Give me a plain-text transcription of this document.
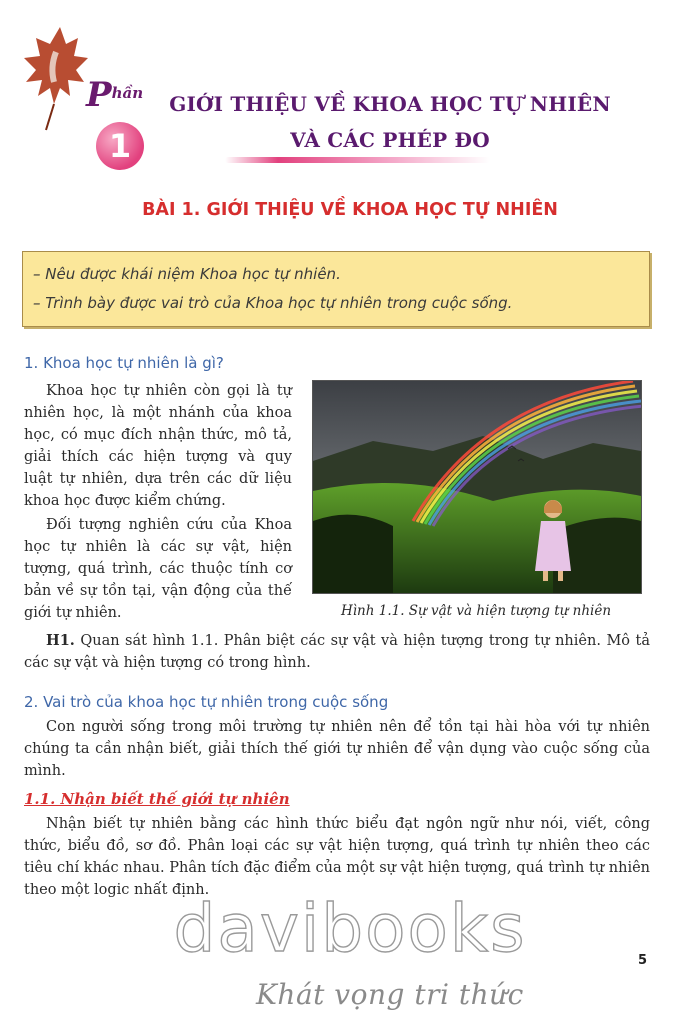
$P^{hần}$
1
GIỚI THIỆU VỀ KHOA HỌC TỰ NHIÊN
VÀ CÁC PHÉP ĐO
BÀI 1. GIỚI THIỆU VỀ KHOA HỌC TỰ NHIÊN
– Nêu được khái niệm Khoa học tự nhiên.
– Trình bày được vai trò của Khoa học tự nhiên trong cuộc sống.
1. Khoa học tự nhiên là gì?

Khoa học tự nhiên còn gọi là tự nhiên học, là một nhánh của khoa học, có mục đích nhận thức, mô tả, giải thích các hiện tượng và quy luật tự nhiên, dựa trên các dữ liệu khoa học được kiểm chứng.

Đối tượng nghiên cứu của Khoa học tự nhiên là các sự vật, hiện tượng, quá trình, các thuộc tính cơ bản về sự tồn tại, vận động của thế giới tự nhiên.	Hình 1.1. Sự vật và hiện tượng tự nhiên

H1. Quan sát hình 1.1. Phân biệt các sự vật và hiện tượng trong tự nhiên. Mô tả các sự vật và hiện tượng có trong hình.

2. Vai trò của khoa học tự nhiên trong cuộc sống

Con người sống trong môi trường tự nhiên nên để tồn tại hài hòa với tự nhiên chúng ta cần nhận biết, giải thích thế giới tự nhiên để vận dụng vào cuộc sống của mình.

1.1. Nhận biết thế giới tự nhiên

Nhận biết tự nhiên bằng các hình thức biểu đạt ngôn ngữ như nói, viết, công thức, biểu đồ, sơ đồ. Phân loại các sự vật hiện tượng, quá trình tự nhiên theo các tiêu chí khác nhau. Phân tích đặc điểm của một sự vật hiện tượng, quá trình tự nhiên theo một logic nhất định.

davibooks
Khát vọng tri thức
5
